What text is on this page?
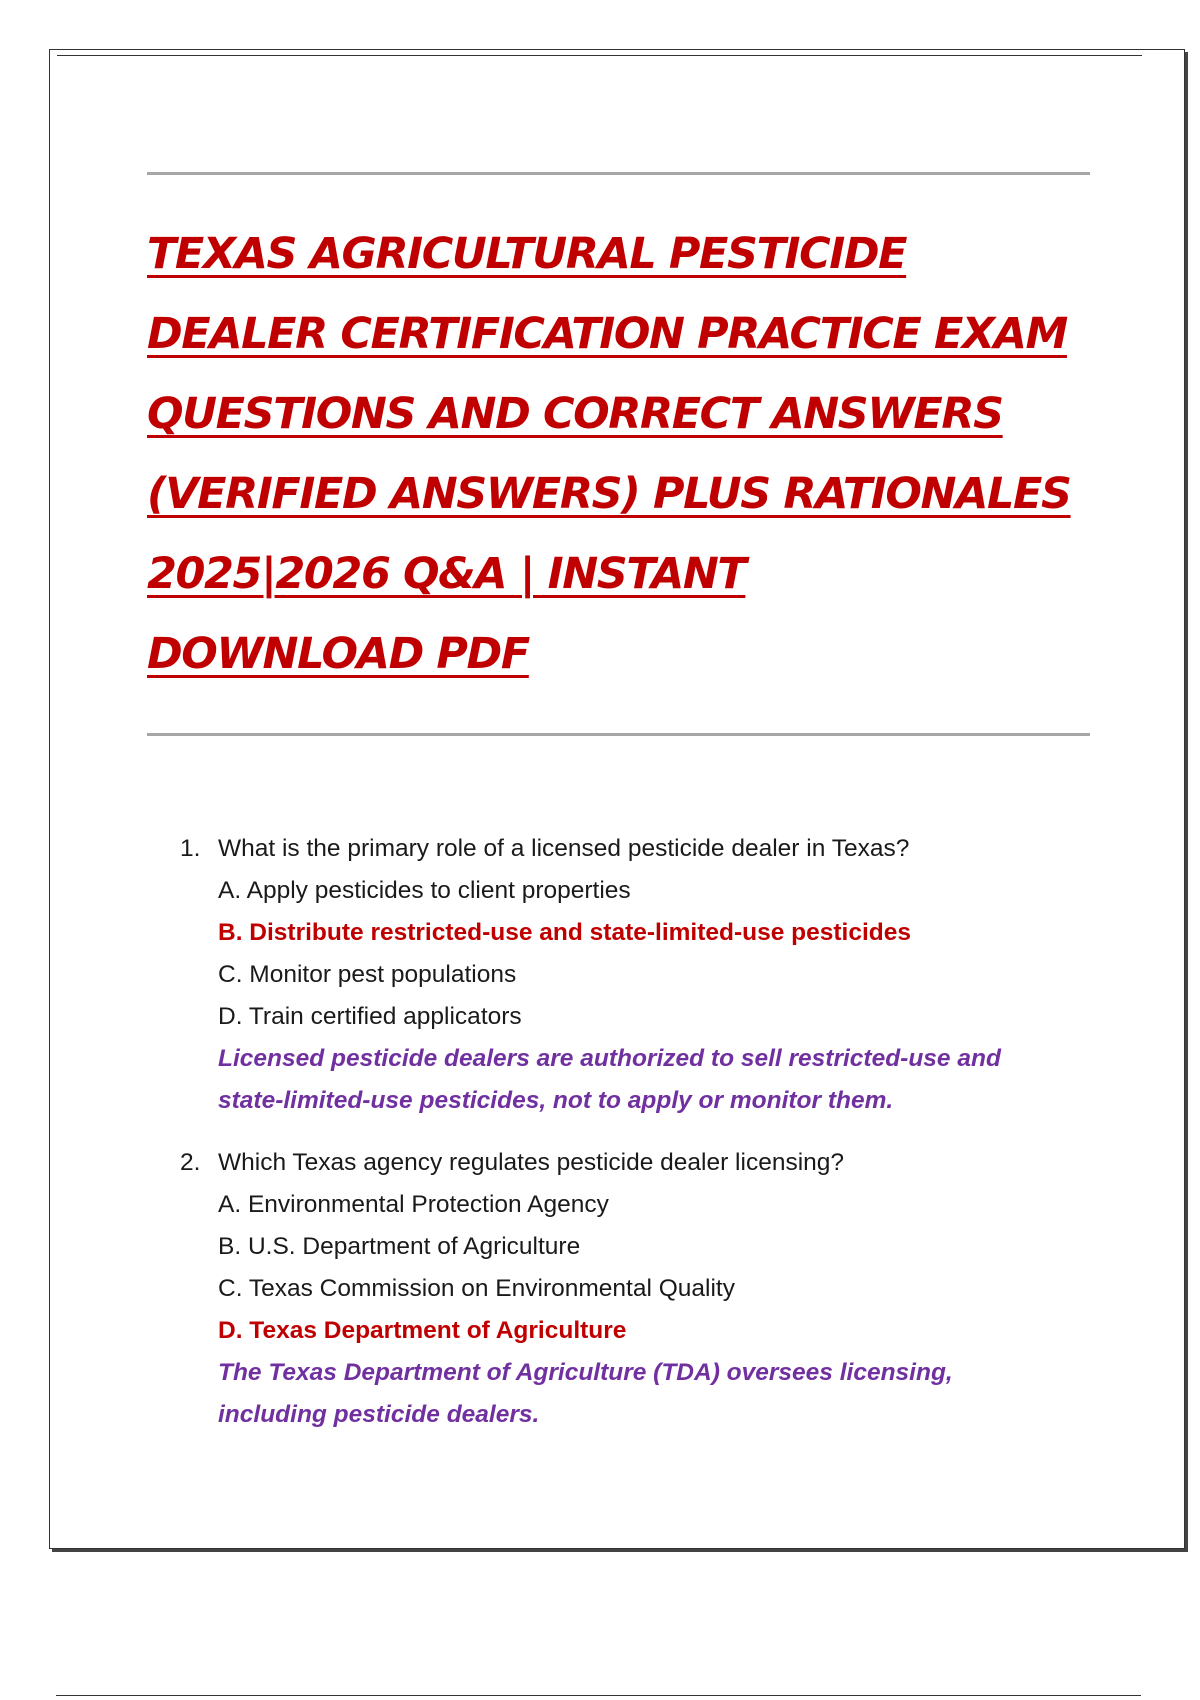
TEXAS AGRICULTURAL PESTICIDE
DEALER CERTIFICATION PRACTICE EXAM
QUESTIONS AND CORRECT ANSWERS
(VERIFIED ANSWERS) PLUS RATIONALES
2025|2026 Q&A | INSTANT
DOWNLOAD PDF
1. What is the primary role of a licensed pesticide dealer in Texas?
A. Apply pesticides to client properties
B. Distribute restricted-use and state-limited-use pesticides
C. Monitor pest populations
D. Train certified applicators
Licensed pesticide dealers are authorized to sell restricted-use and
state-limited-use pesticides, not to apply or monitor them.
2. Which Texas agency regulates pesticide dealer licensing?
A. Environmental Protection Agency
B. U.S. Department of Agriculture
C. Texas Commission on Environmental Quality
D. Texas Department of Agriculture
The Texas Department of Agriculture (TDA) oversees licensing,
including pesticide dealers.
